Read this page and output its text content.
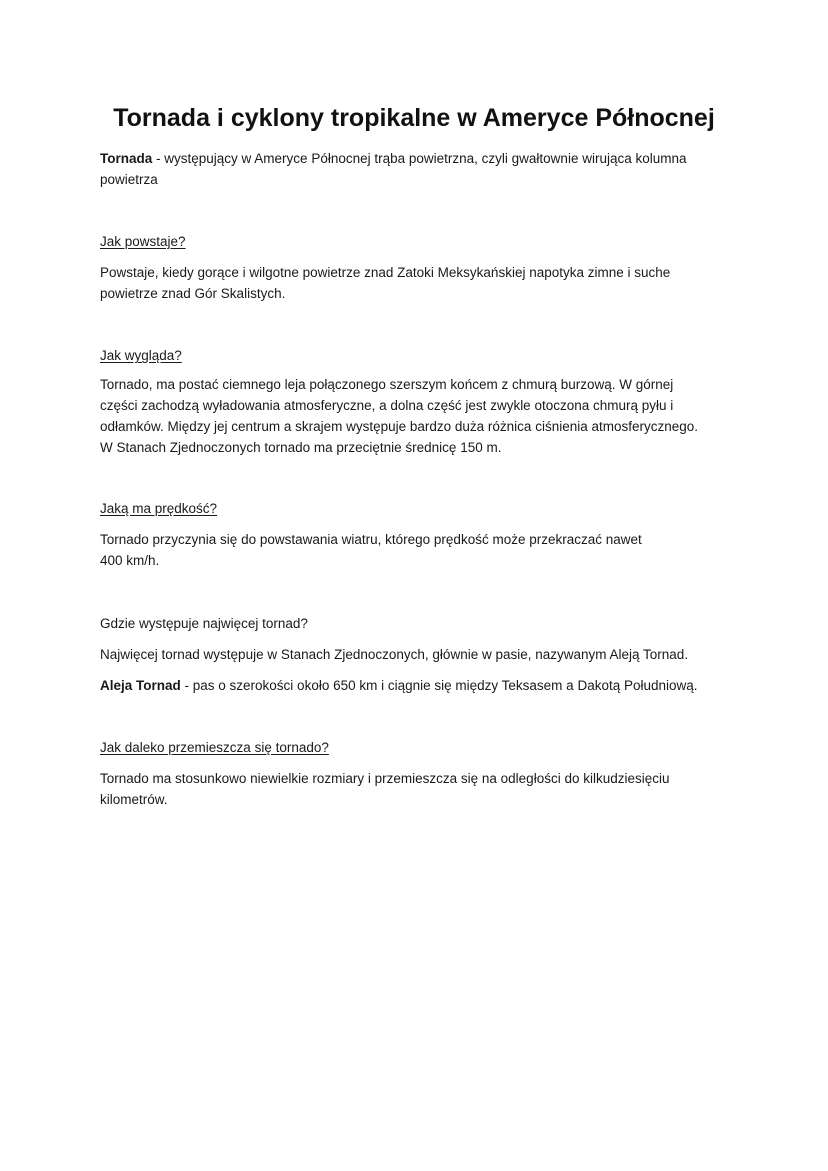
Tornada i cyklony tropikalne w Ameryce Północnej
Tornada - występujący w Ameryce Północnej trąba powietrzna, czyli gwałtownie wirująca kolumna powietrza
Jak powstaje?
Powstaje, kiedy gorące i wilgotne powietrze znad Zatoki Meksykańskiej napotyka zimne i suche
powietrze znad Gór Skalistych.
Jak wygląda?
Tornado, ma postać ciemnego leja połączonego szerszym końcem z chmurą burzową. W górnej
części zachodzą wyładowania atmosferyczne, a dolna część jest zwykle otoczona chmurą pyłu i
odłamków. Między jej centrum a skrajem występuje bardzo duża różnica ciśnienia atmosferycznego.
W Stanach Zjednoczonych tornado ma przeciętnie średnicę 150 m.
Jaką ma prędkość?
Tornado przyczynia się do powstawania wiatru, którego prędkość może przekraczać nawet
400 km/h.
Gdzie występuje najwięcej tornad?
Najwięcej tornad występuje w Stanach Zjednoczonych, głównie w pasie, nazywanym Aleją Tornad.
Aleja Tornad - pas o szerokości około 650 km i ciągnie się między Teksasem a Dakotą Południową.
Jak daleko przemieszcza się tornado?
Tornado ma stosunkowo niewielkie rozmiary i przemieszcza się na odległości do kilkudziesięciu
kilometrów.
